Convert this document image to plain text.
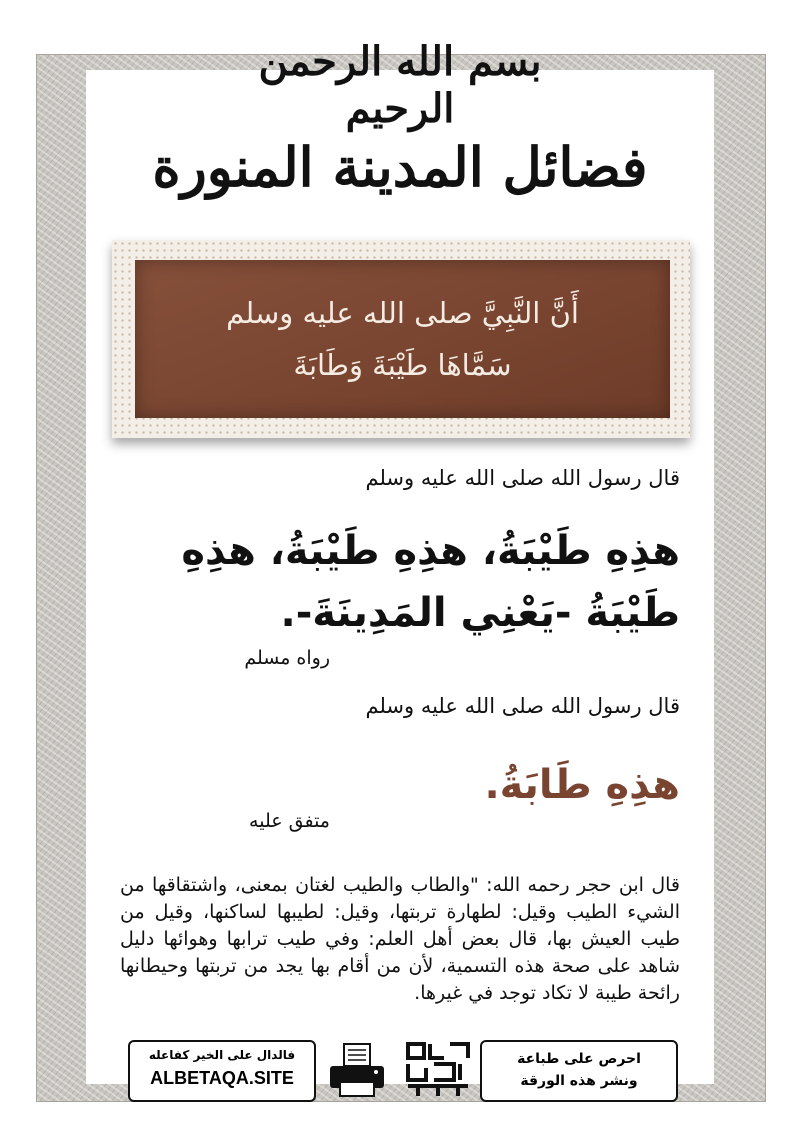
بسم الله الرحمن الرحيم
فضائل المدينة المنورة
أَنَّ النَّبِيَّ صلى الله عليه وسلم
سَمَّاهَا طَيْبَةَ وَطَابَةَ
قال رسول الله صلى الله عليه وسلم
هذِهِ طَيْبَةُ، هذِهِ طَيْبَةُ، هذِهِ طَيْبَةُ -يَعْنِي المَدِينَةَ-.
رواه مسلم
قال رسول الله صلى الله عليه وسلم
هذِهِ طَابَةُ.
متفق عليه
قال ابن حجر رحمه الله: "والطاب والطيب لغتان بمعنى، واشتقاقها من الشيء الطيب وقيل: لطهارة تربتها، وقيل: لطيبها لساكنها، وقيل من طيب العيش بها، قال بعض أهل العلم: وفي طيب ترابها وهوائها دليل شاهد على صحة هذه التسمية، لأن من أقام بها يجد من تربتها وحيطانها رائحة طيبة لا تكاد توجد في غيرها.
فالدال على الخير كفاعله
ALBETAQA.SITE
احرص على طباعة
ونشر هذه الورقة
